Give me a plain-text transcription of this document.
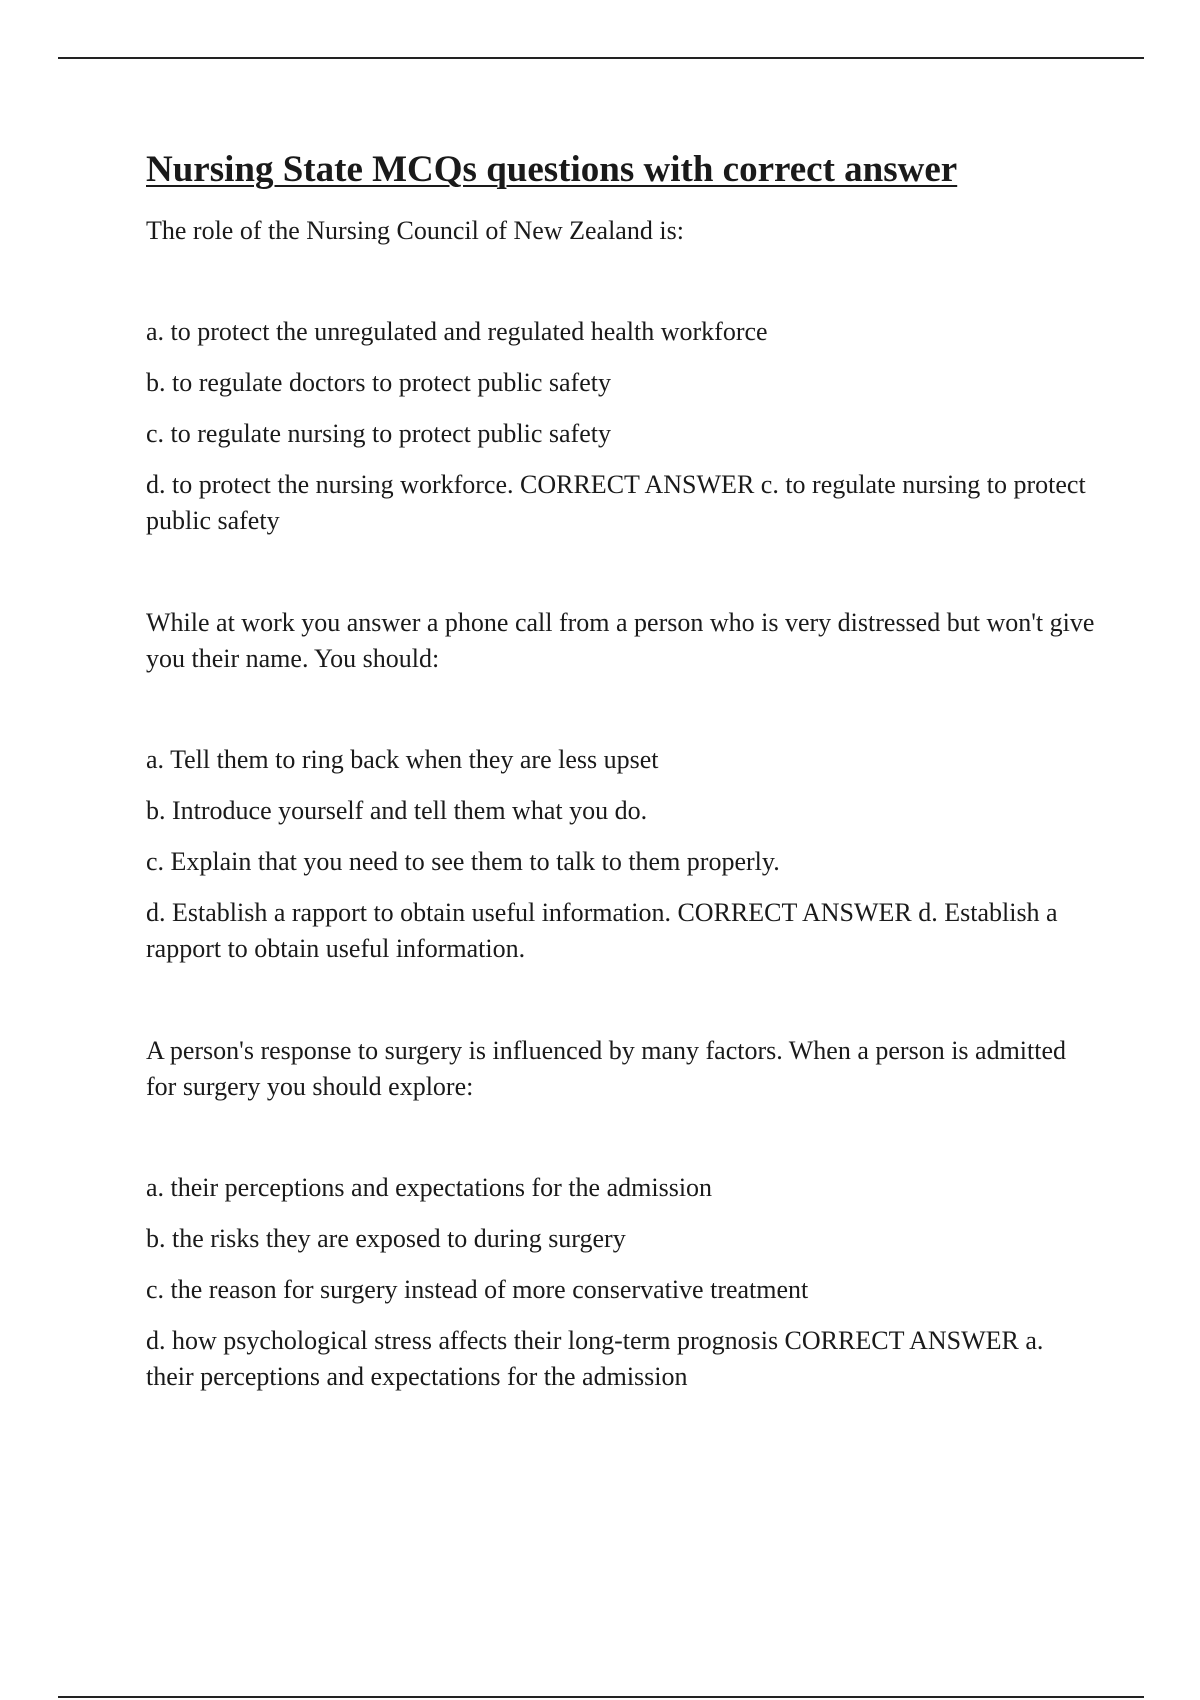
Nursing State MCQs questions with correct answer

The role of the Nursing Council of New Zealand is:

a. to protect the unregulated and regulated health workforce
b. to regulate doctors to protect public safety
c. to regulate nursing to protect public safety
d. to protect the nursing workforce. CORRECT ANSWER c. to regulate nursing to protect public safety

While at work you answer a phone call from a person who is very distressed but won't give you their name. You should:

a. Tell them to ring back when they are less upset
b. Introduce yourself and tell them what you do.
c. Explain that you need to see them to talk to them properly.
d. Establish a rapport to obtain useful information. CORRECT ANSWER d. Establish a rapport to obtain useful information.

A person's response to surgery is influenced by many factors. When a person is admitted for surgery you should explore:

a. their perceptions and expectations for the admission
b. the risks they are exposed to during surgery
c. the reason for surgery instead of more conservative treatment
d. how psychological stress affects their long-term prognosis CORRECT ANSWER a. their perceptions and expectations for the admission
